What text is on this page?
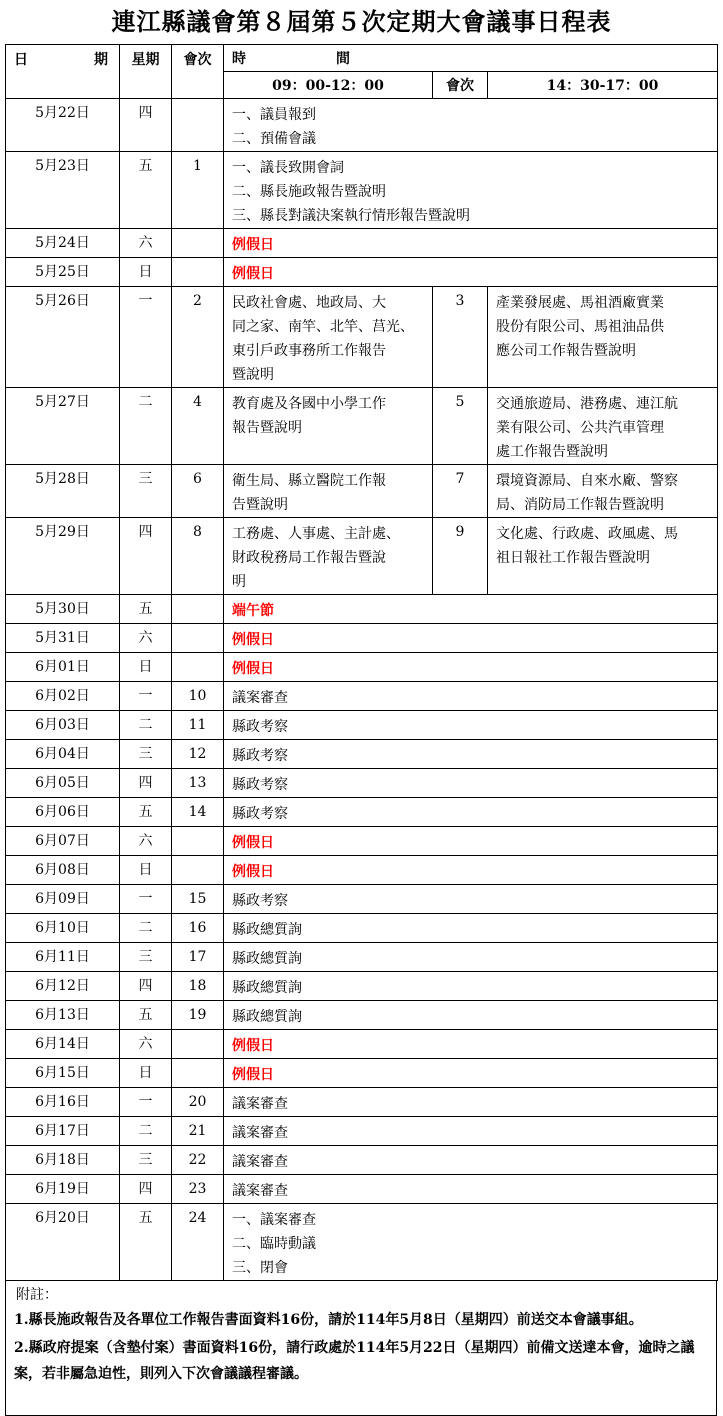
連江縣議會第８屆第５次定期大會議事日程表
日 期	星期	會次	時 間		
			09：00-12：00	會次	14：30-17：00
5月22日	四		一、議員報到
二、預備會議		

5月23日	五	1	一、議長致開會詞
二、縣長施政報告暨說明
三、縣長對議決案執行情形報告暨說明		

5月24日	六		例假日		
5月25日	日		例假日		
5月26日	一	2	民政社會處、地政局、大
同之家、南竿、北竿、莒光、
東引戶政事務所工作報告
暨說明	3	產業發展處、馬祖酒廠實業
股份有限公司、馬祖油品供
應公司工作報告暨說明

5月27日	二	4	教育處及各國中小學工作
報告暨說明	5	交通旅遊局、港務處、連江航
業有限公司、公共汽車管理
處工作報告暨說明

5月28日	三	6	衛生局、縣立醫院工作報
告暨說明	7	環境資源局、自來水廠、警察
局、消防局工作報告暨說明

5月29日	四	8	工務處、人事處、主計處、
財政稅務局工作報告暨說
明	9	文化處、行政處、政風處、馬
祖日報社工作報告暨說明

5月30日	五		端午節		
5月31日	六		例假日		
6月01日	日		例假日		
6月02日	一	10	議案審查		

6月03日	二	11	縣政考察		

6月04日	三	12	縣政考察		

6月05日	四	13	縣政考察		

6月06日	五	14	縣政考察		

6月07日	六		例假日		
6月08日	日		例假日		
6月09日	一	15	縣政考察		

6月10日	二	16	縣政總質詢		

6月11日	三	17	縣政總質詢		

6月12日	四	18	縣政總質詢		

6月13日	五	19	縣政總質詢		

6月14日	六		例假日		
6月15日	日		例假日		
6月16日	一	20	議案審查		

6月17日	二	21	議案審查		

6月18日	三	22	議案審查		

6月19日	四	23	議案審查		

6月20日	五	24	一、議案審查
二、臨時動議
三、閉會		
附註：
1.縣長施政報告及各單位工作報告書面資料16份，請於114年5月8日（星期四）前送交本會議事組。
2.縣政府提案（含墊付案）書面資料16份，請行政處於114年5月22日（星期四）前備文送達本會，逾時之議案，若非屬急迫性，則列入下次會議議程審議。
